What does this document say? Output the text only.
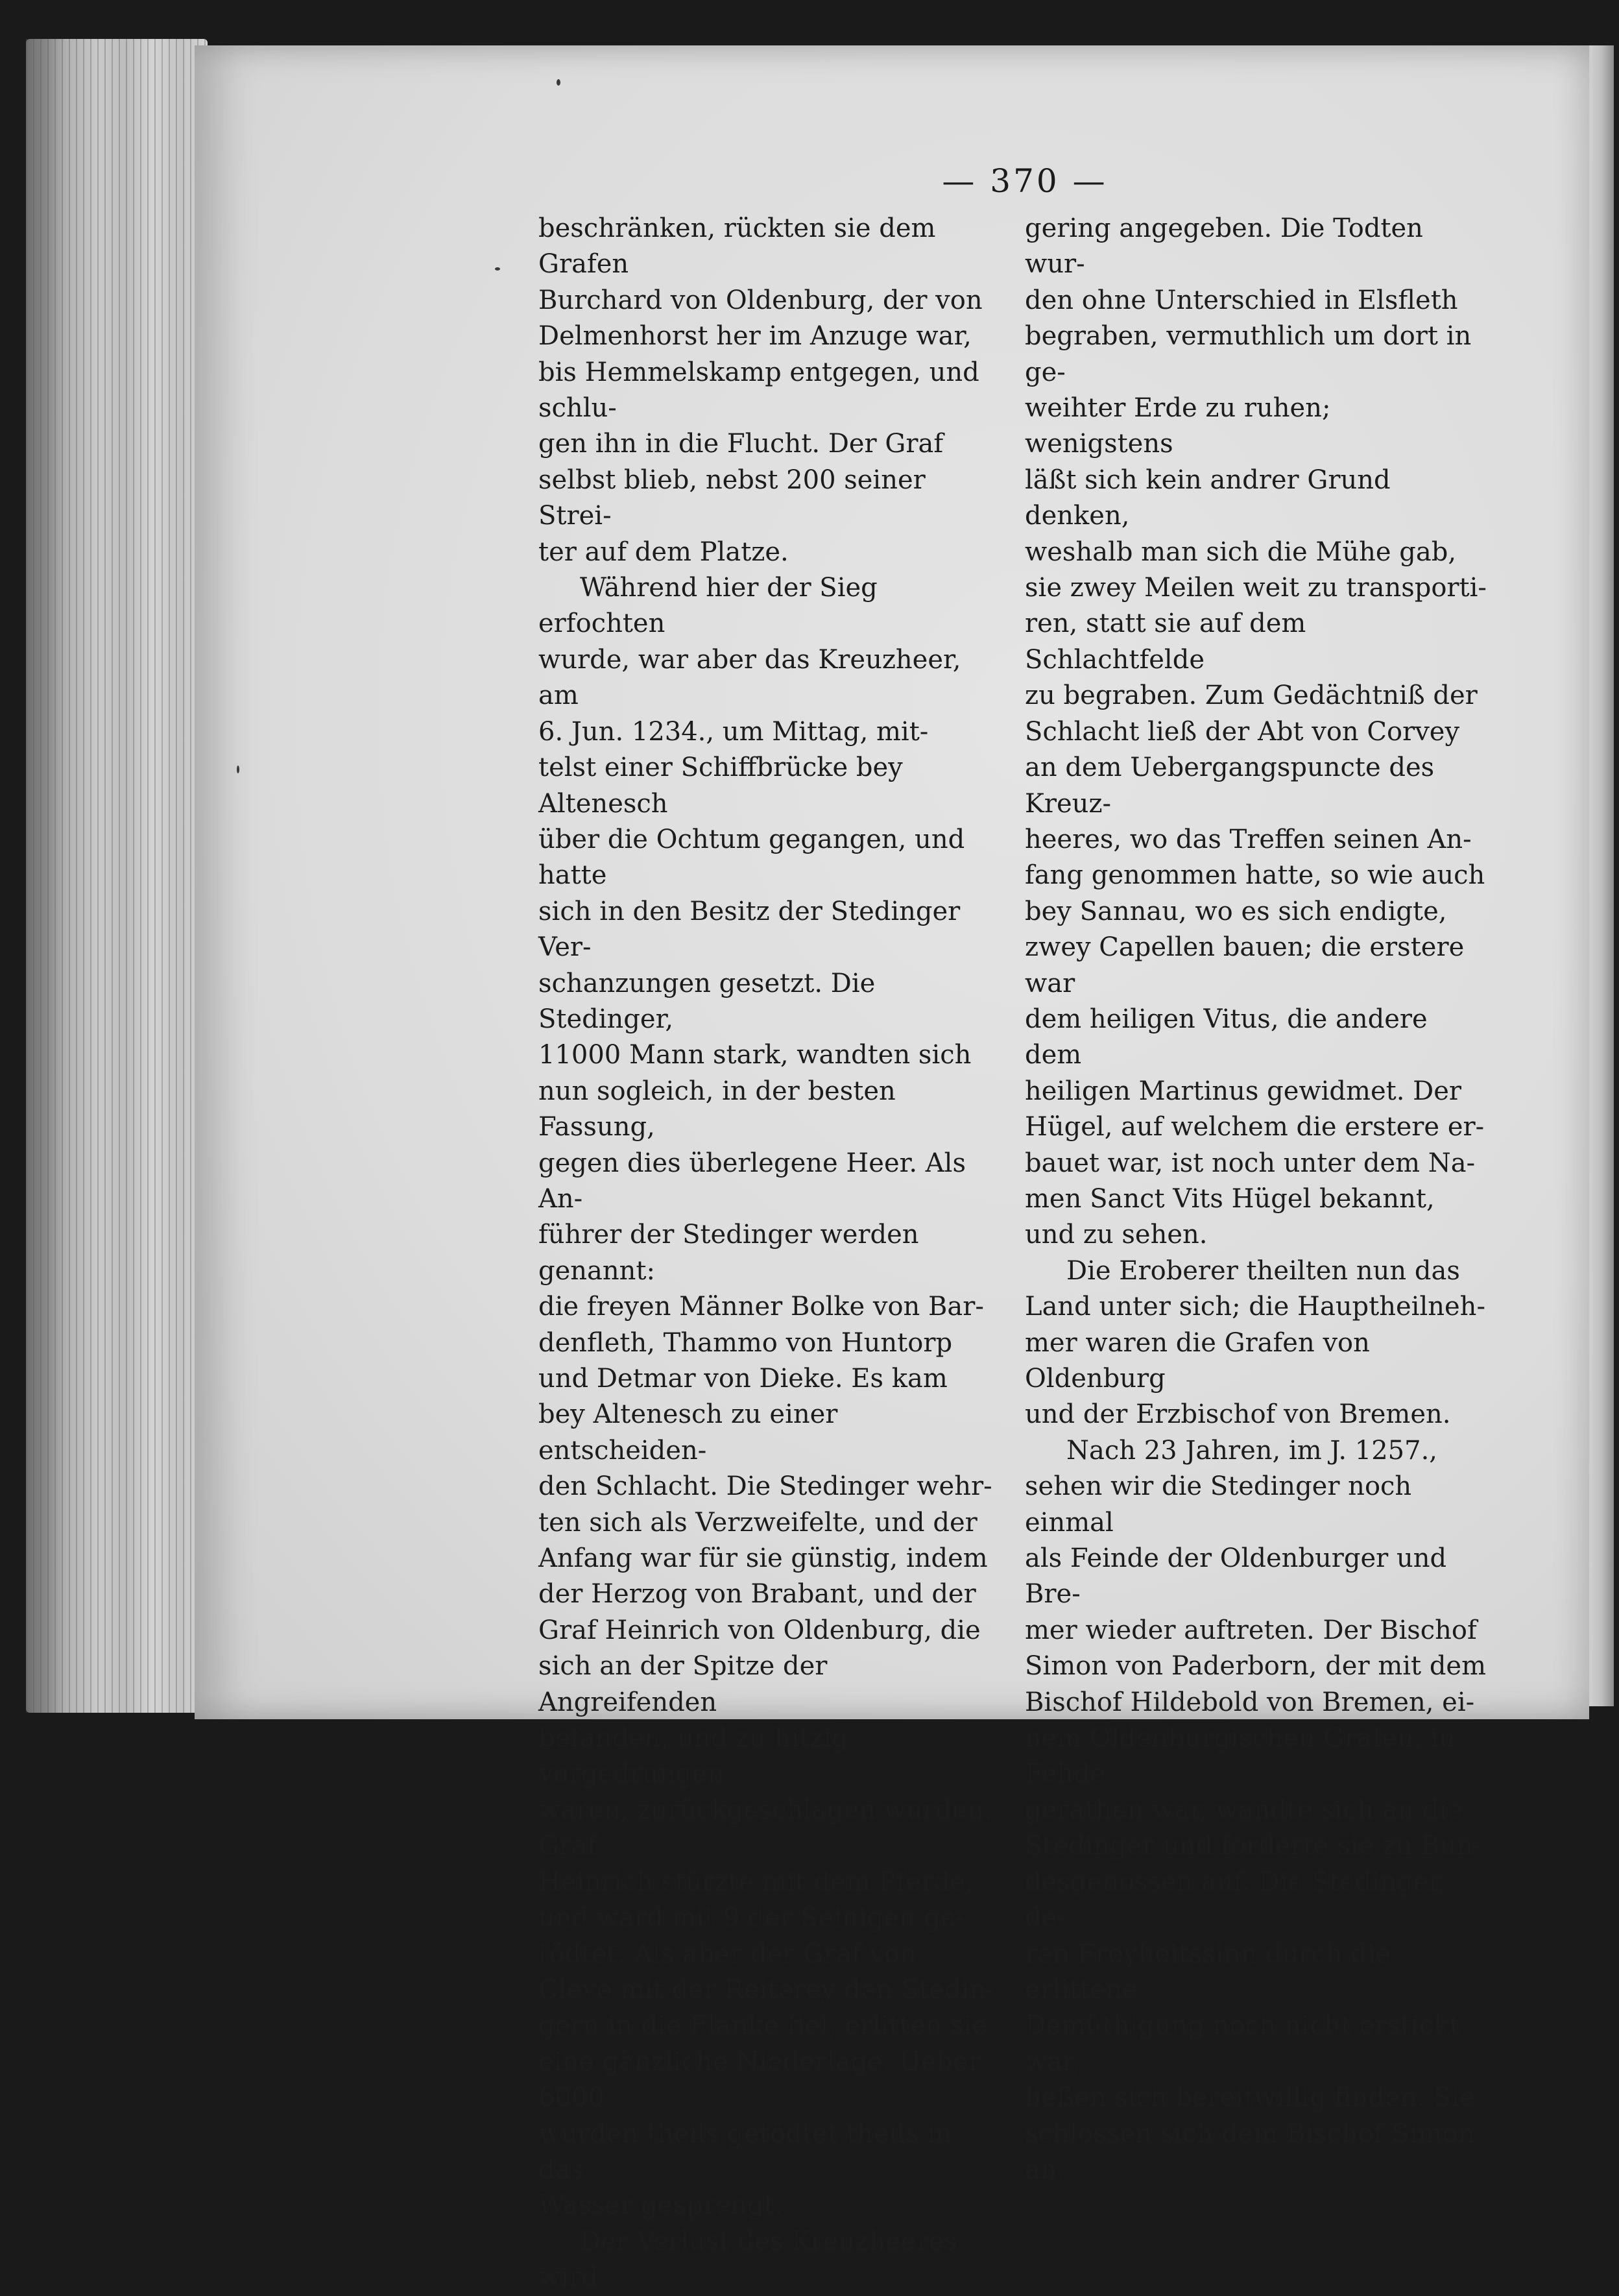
— 370 —

beschränken, rückten sie dem Grafen
Burchard von Oldenburg, der von
Delmenhorst her im Anzuge war,
bis Hemmelskamp entgegen, und schlu-
gen ihn in die Flucht. Der Graf
selbst blieb, nebst 200 seiner Strei-
ter auf dem Platze.

Während hier der Sieg erfochten
wurde, war aber das Kreuzheer, am
6. Jun. 1234., um Mittag, mit-
telst einer Schiffbrücke bey Altenesch
über die Ochtum gegangen, und hatte
sich in den Besitz der Stedinger Ver-
schanzungen gesetzt. Die Stedinger,
11000 Mann stark, wandten sich
nun sogleich, in der besten Fassung,
gegen dies überlegene Heer. Als An-
führer der Stedinger werden genannt:
die freyen Männer Bolke von Bar-
denfleth, Thammo von Huntorp
und Detmar von Dieke. Es kam
bey Altenesch zu einer entscheiden-
den Schlacht. Die Stedinger wehr-
ten sich als Verzweifelte, und der
Anfang war für sie günstig, indem
der Herzog von Brabant, und der
Graf Heinrich von Oldenburg, die
sich an der Spitze der Angreifenden
befanden, und zu hitzig vorgedrungen
waren, zurückgeschlagen wurden. Graf
Heinrich stürzte mit dem Pferde,
und ward mit 9 der Seinigen ge-
tödtet. Als aber der Graf von
Cleve mit der Reiterey den Stedin-
gern in die Flanke fiel, erlitten sie
eine gänzliche Niederlage. Ueber 6000
wurden theils getödtet theils in das
Wasser gesprengt.

Der Verlust des Kreuzheeres wird

gering angegeben. Die Todten wur-
den ohne Unterschied in Elsfleth
begraben, vermuthlich um dort in ge-
weihter Erde zu ruhen; wenigstens
läßt sich kein andrer Grund denken,
weshalb man sich die Mühe gab,
sie zwey Meilen weit zu transporti-
ren, statt sie auf dem Schlachtfelde
zu begraben. Zum Gedächtniß der
Schlacht ließ der Abt von Corvey
an dem Uebergangspuncte des Kreuz-
heeres, wo das Treffen seinen An-
fang genommen hatte, so wie auch
bey Sannau, wo es sich endigte,
zwey Capellen bauen; die erstere war
dem heiligen Vitus, die andere dem
heiligen Martinus gewidmet. Der
Hügel, auf welchem die erstere er-
bauet war, ist noch unter dem Na-
men Sanct Vits Hügel bekannt,
und zu sehen.

Die Eroberer theilten nun das
Land unter sich; die Hauptheilneh-
mer waren die Grafen von Oldenburg
und der Erzbischof von Bremen.

Nach 23 Jahren, im J. 1257.,
sehen wir die Stedinger noch einmal
als Feinde der Oldenburger und Bre-
mer wieder auftreten. Der Bischof
Simon von Paderborn, der mit dem
Bischof Hildebold von Bremen, ei-
nem Oldenburgischen Grafen, in Fehde
gerathen war, wandte sich an die
Stedinger und forderte sie zu Bun-
desgenossen auf. Die Stedinger, de-
ren Freyheitssinn durch die erlittene
Demüthigung noch nicht erstickt war,
ließen sich bereitwillig finden. Sie
schlossen sich dem Bischof Simon an,
